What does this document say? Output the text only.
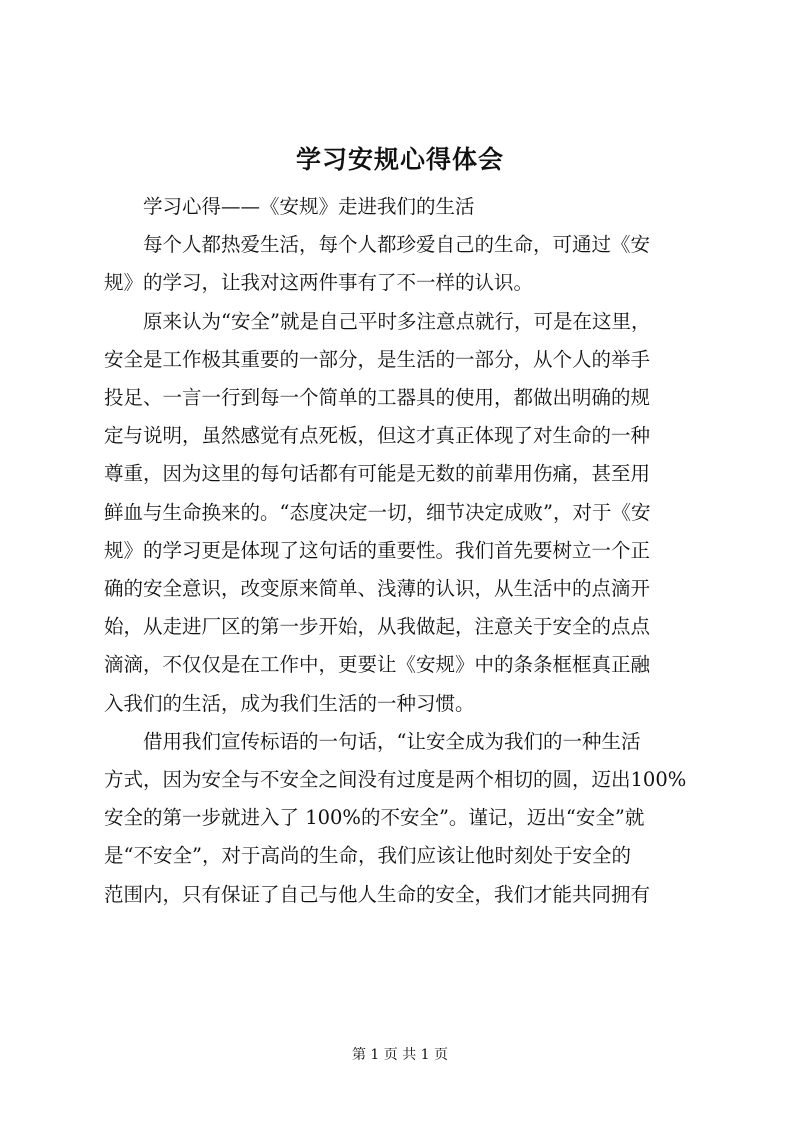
学习安规心得体会

学习心得——《安规》走进我们的生活

每个人都热爱生活，每个人都珍爱自己的生命，可通过《安
规》的学习，让我对这两件事有了不一样的认识。

原来认为“安全”就是自己平时多注意点就行，可是在这里，
安全是工作极其重要的一部分，是生活的一部分，从个人的举手
投足、一言一行到每一个简单的工器具的使用，都做出明确的规
定与说明，虽然感觉有点死板，但这才真正体现了对生命的一种
尊重，因为这里的每句话都有可能是无数的前辈用伤痛，甚至用
鲜血与生命换来的。“态度决定一切，细节决定成败”，对于《安
规》的学习更是体现了这句话的重要性。我们首先要树立一个正
确的安全意识，改变原来简单、浅薄的认识，从生活中的点滴开
始，从走进厂区的第一步开始，从我做起，注意关于安全的点点
滴滴，不仅仅是在工作中，更要让《安规》中的条条框框真正融
入我们的生活，成为我们生活的一种习惯。

借用我们宣传标语的一句话，“让安全成为我们的一种生活
方式，因为安全与不安全之间没有过度是两个相切的圆，迈出100%
安全的第一步就进入了 100%的不安全”。谨记，迈出“安全”就
是“不安全”，对于高尚的生命，我们应该让他时刻处于安全的
范围内，只有保证了自己与他人生命的安全，我们才能共同拥有

第 1 页 共 1 页
